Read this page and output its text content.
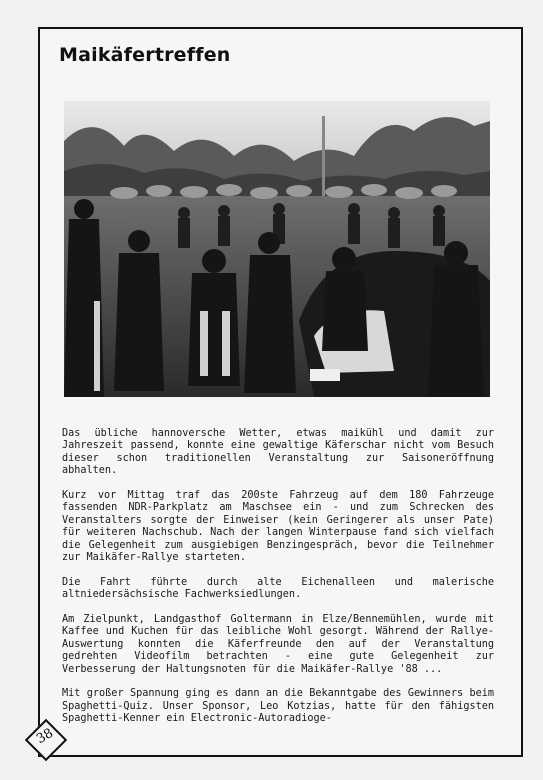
Maikäfertreffen

Das übliche hannoversche Wetter, etwas maikühl und damit zur Jahreszeit passend, konnte eine gewaltige Käferschar nicht vom Besuch dieser schon traditionellen Veranstaltung zur Saisoneröffnung abhalten.

Kurz vor Mittag traf das 200ste Fahrzeug auf dem 180 Fahrzeuge fassenden NDR-Parkplatz am Maschsee ein - und zum Schrecken des Veranstalters sorgte der Einweiser (kein Geringerer als unser Pate) für weiteren Nachschub. Nach der langen Winterpause fand sich vielfach die Gelegenheit zum ausgiebigen Benzingespräch, bevor die Teilnehmer zur Maikäfer-Rallye starteten.

Die Fahrt führte durch alte Eichenalleen und malerische altniedersächsische Fachwerksiedlungen.

Am Zielpunkt, Landgasthof Goltermann in Elze/Bennemühlen, wurde mit Kaffee und Kuchen für das leibliche Wohl gesorgt. Während der Rallye-Auswertung konnten die Käferfreunde den auf der Veranstaltung gedrehten Videofilm betrachten - eine gute Gelegenheit zur Verbesserung der Haltungsnoten für die Maikäfer-Rallye '88 ...

Mit großer Spannung ging es dann an die Bekanntgabe des Gewinners beim Spaghetti-Quiz. Unser Sponsor, Leo Kotzias, hatte für den fähigsten Spaghetti-Kenner ein Electronic-Autoradioge-

38
